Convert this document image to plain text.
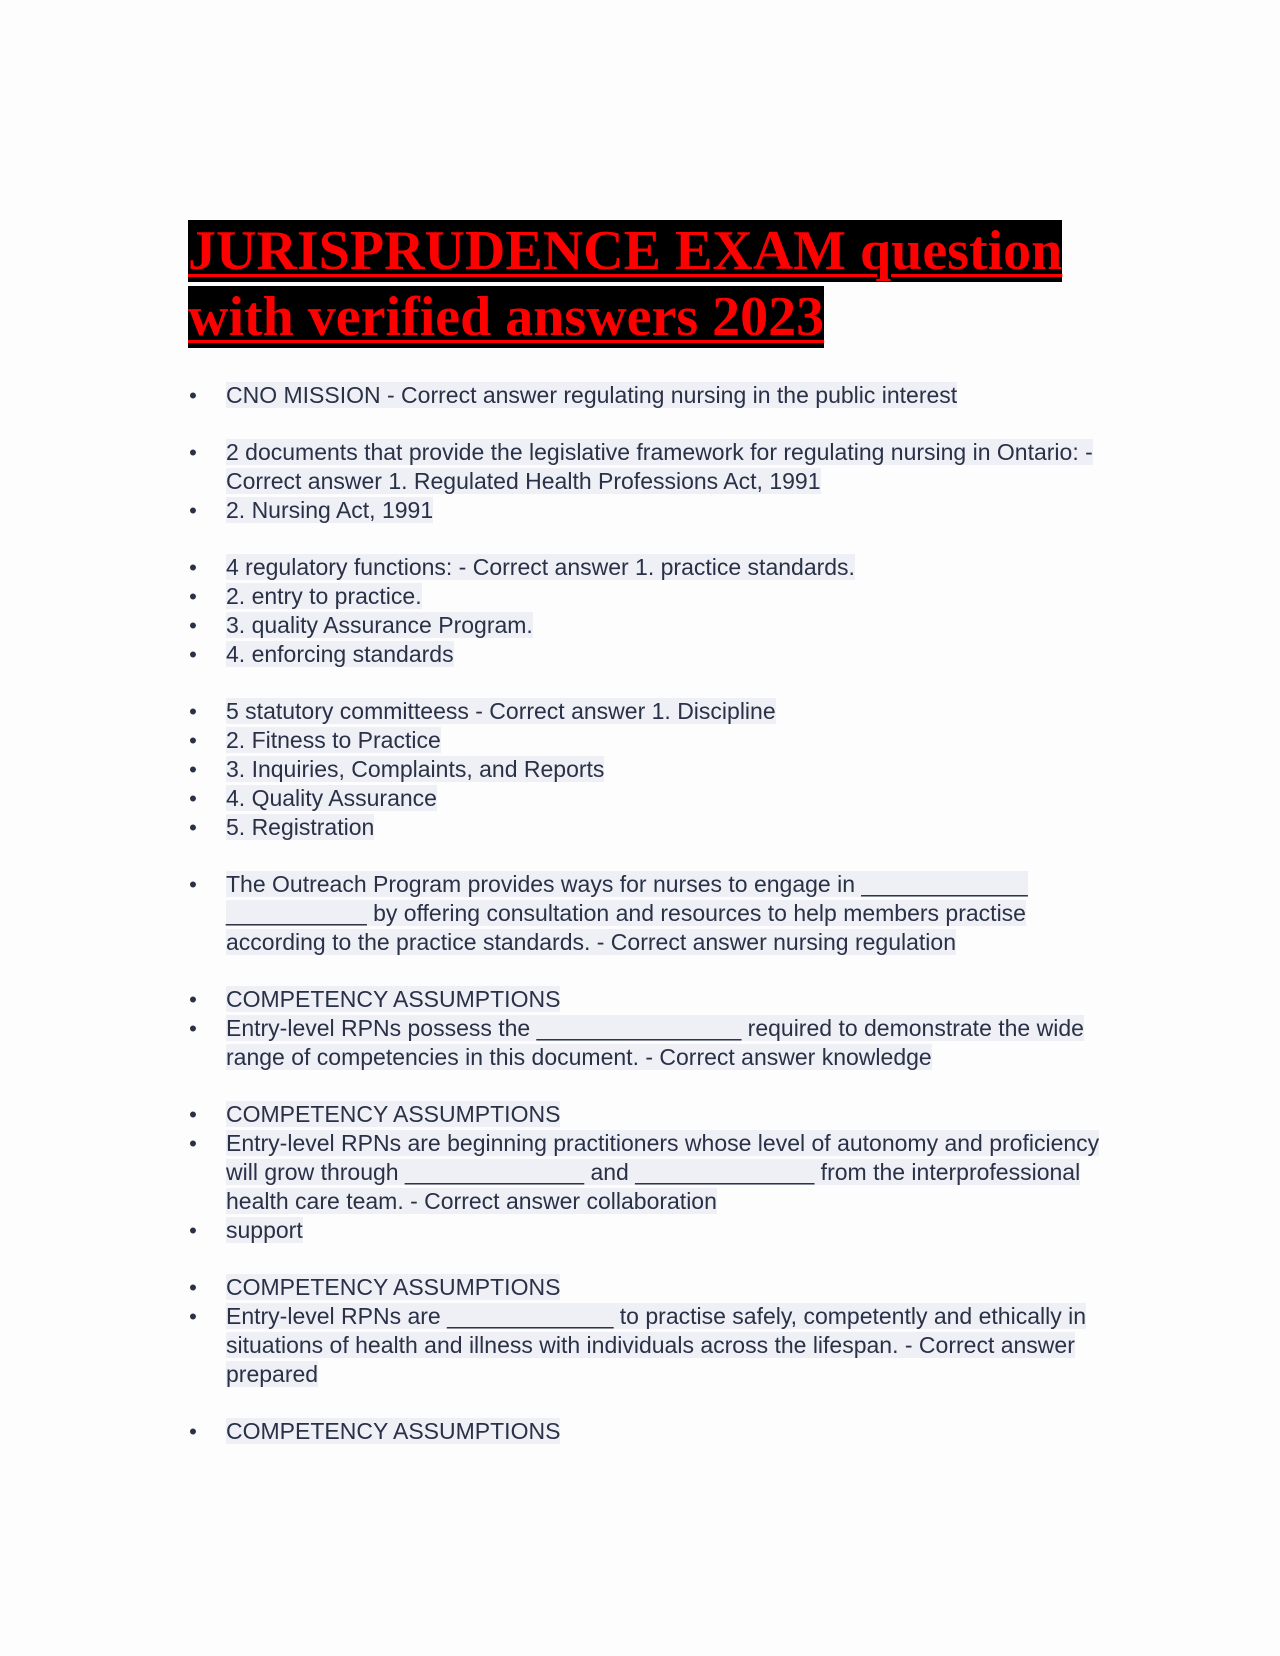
JURISPRUDENCE EXAM question
with verified answers 2023
• CNO MISSION - Correct answer regulating nursing in the public interest
• 2 documents that provide the legislative framework for regulating nursing in Ontario: - Correct answer 1. Regulated Health Professions Act, 1991
• 2. Nursing Act, 1991
• 4 regulatory functions: - Correct answer 1. practice standards.
• 2. entry to practice.
• 3. quality Assurance Program.
• 4. enforcing standards
• 5 statutory committeess - Correct answer 1. Discipline
• 2. Fitness to Practice
• 3. Inquiries, Complaints, and Reports
• 4. Quality Assurance
• 5. Registration
• The Outreach Program provides ways for nurses to engage in _____________ ___________ by offering consultation and resources to help members practise according to the practice standards. - Correct answer nursing regulation
• COMPETENCY ASSUMPTIONS
• Entry-level RPNs possess the ________________ required to demonstrate the wide range of competencies in this document. - Correct answer knowledge
• COMPETENCY ASSUMPTIONS
• Entry-level RPNs are beginning practitioners whose level of autonomy and proficiency will grow through ______________ and ______________ from the interprofessional health care team. - Correct answer collaboration
• support
• COMPETENCY ASSUMPTIONS
• Entry-level RPNs are _____________ to practise safely, competently and ethically in situations of health and illness with individuals across the lifespan. - Correct answer prepared
• COMPETENCY ASSUMPTIONS
